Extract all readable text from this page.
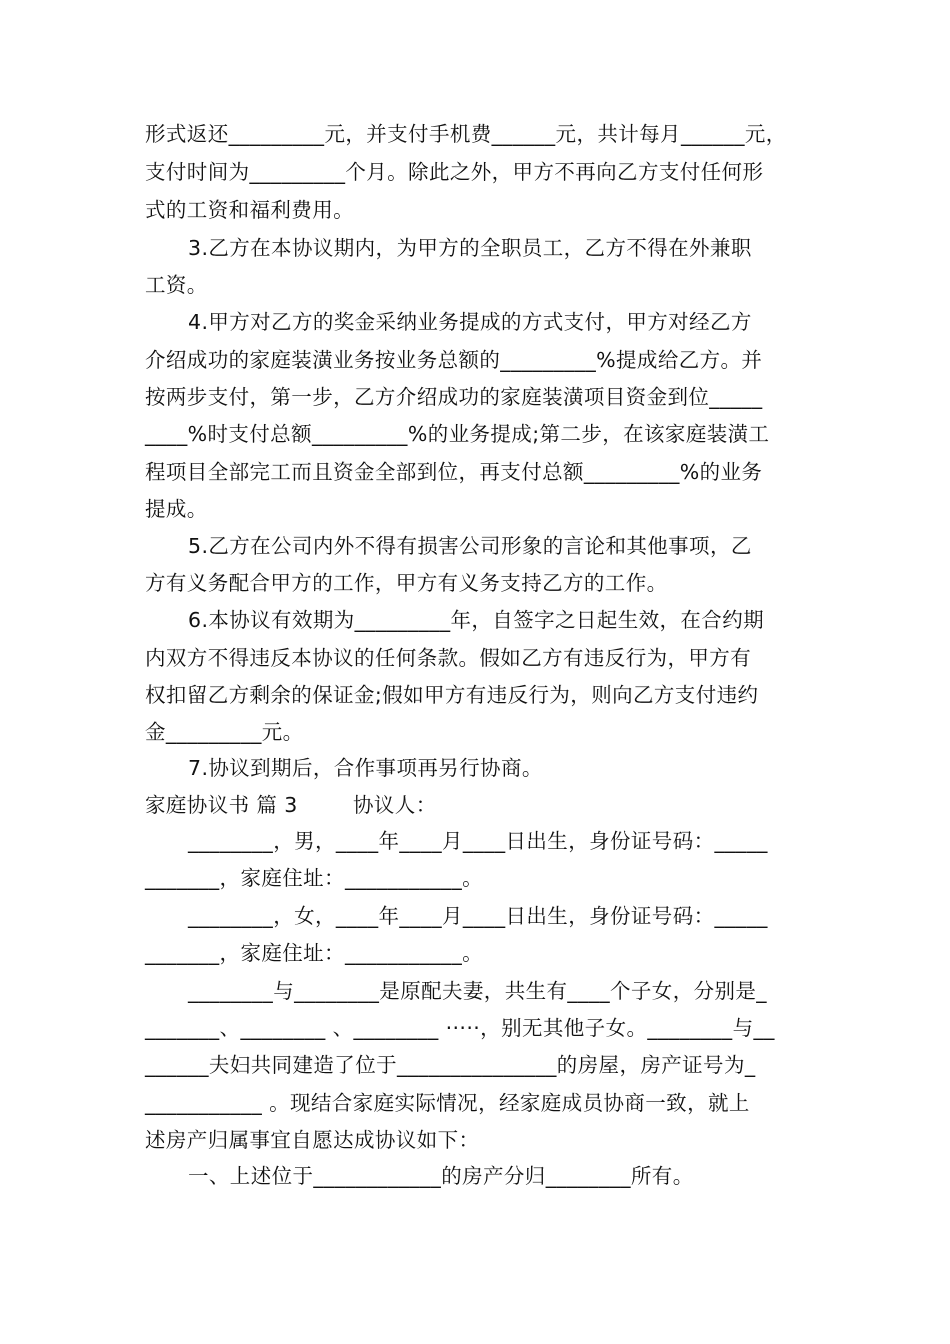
形式返还_________元，并支付手机费______元，共计每月______元，
支付时间为_________个月。除此之外，甲方不再向乙方支付任何形
式的工资和福利费用。
3.乙方在本协议期内，为甲方的全职员工，乙方不得在外兼职
工资。
4.甲方对乙方的奖金采纳业务提成的方式支付，甲方对经乙方
介绍成功的家庭装潢业务按业务总额的_________%提成给乙方。并
按两步支付，第一步，乙方介绍成功的家庭装潢项目资金到位_____
____%时支付总额_________%的业务提成;第二步，在该家庭装潢工
程项目全部完工而且资金全部到位，再支付总额_________%的业务
提成。
5.乙方在公司内外不得有损害公司形象的言论和其他事项，乙
方有义务配合甲方的工作，甲方有义务支持乙方的工作。
6.本协议有效期为_________年，自签字之日起生效，在合约期
内双方不得违反本协议的任何条款。假如乙方有违反行为，甲方有
权扣留乙方剩余的保证金;假如甲方有违反行为，则向乙方支付违约
金_________元。
7.协议到期后，合作事项再另行协商。
家庭协议书 篇 3        协议人：
________，男，____年____月____日出生，身份证号码：_____
_______，家庭住址：___________。
________，女，____年____月____日出生，身份证号码：_____
_______，家庭住址：___________。
________与________是原配夫妻，共生有____个子女，分别是_
_______、________ 、________ ·····，别无其他子女。________与__
______夫妇共同建造了位于_______________的房屋，房产证号为_
___________ 。现结合家庭实际情况，经家庭成员协商一致，就上
述房产归属事宜自愿达成协议如下：
一、上述位于____________的房产分归________所有。
